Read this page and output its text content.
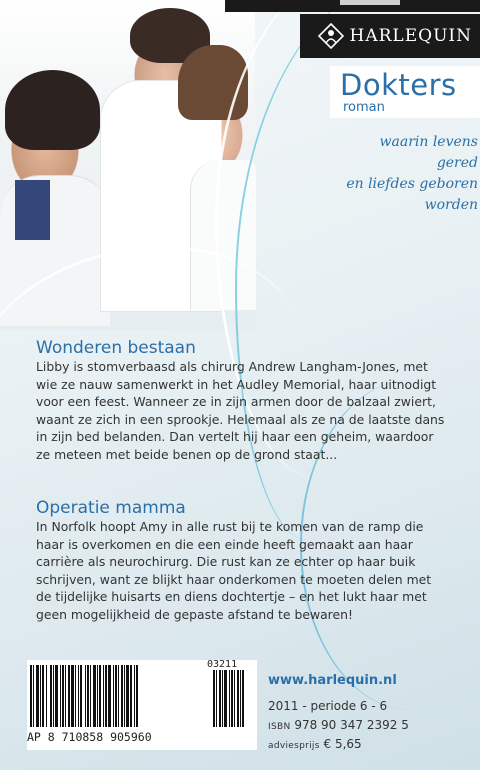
HARLEQUIN
Dokters
roman
waarin levens gered
en liefdes geboren
worden
Wonderen bestaan

Libby is stomverbaasd als chirurg Andrew Langham-Jones, met wie ze nauw samenwerkt in het Audley Memorial, haar uitnodigt voor een feest. Wanneer ze in zijn armen door de balzaal zwiert, waant ze zich in een sprookje. Helemaal als ze na de laatste dans in zijn bed belanden. Dan vertelt hij haar een geheim, waardoor ze meteen met beide benen op de grond staat...

Operatie mamma

In Norfolk hoopt Amy in alle rust bij te komen van de ramp die haar is overkomen en die een einde heeft gemaakt aan haar carrière als neurochirurg. Die rust kan ze echter op haar buik schrijven, want ze blijkt haar onderkomen te moeten delen met de tijdelijke huisarts en diens dochtertje – en het lukt haar met geen mogelijkheid de gepaste afstand te bewaren!

03211
AP 8 710858 905960
www.harlequin.nl
2011 - periode 6 - 6
ISBN 978 90 347 2392 5
adviesprijs € 5,65
